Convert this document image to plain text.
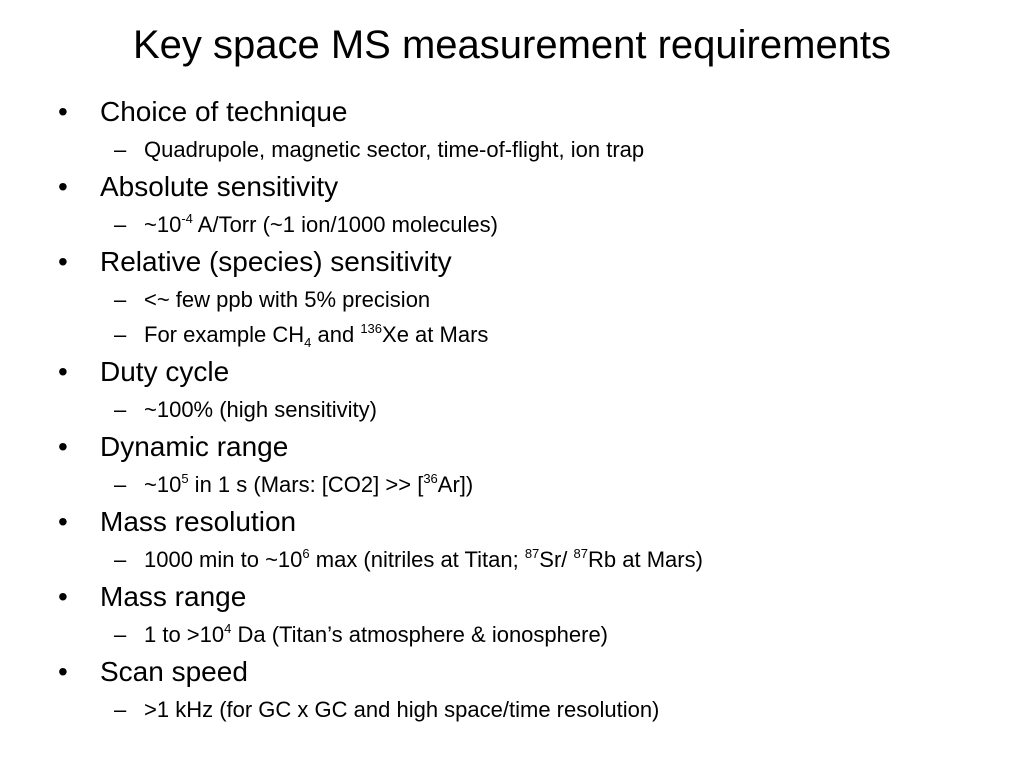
Key space MS measurement requirements
•	Choice of technique
– Quadrupole, magnetic sector, time-of-flight, ion trap
•	Absolute sensitivity
– $\sim 10^{-4}$ A/Torr (~1 ion/1000 molecules)
•	Relative (species) sensitivity
– <~ few ppb with 5% precision
– For example $CH_4$ and $^{136}$Xe at Mars
•	Duty cycle
– ~100% (high sensitivity)
•	Dynamic range
– $\sim 10^5$ in 1 s (Mars: [CO2] >> [$^{36}$Ar])
•	Mass resolution
– 1000 min to $\sim 10^6$ max (nitriles at Titan; $^{87}$Sr/ $^{87}$Rb at Mars)
•	Mass range
– 1 to $>10^4$ Da (Titan’s atmosphere & ionosphere)
•	Scan speed
– >1 kHz (for GC x GC and high space/time resolution)
